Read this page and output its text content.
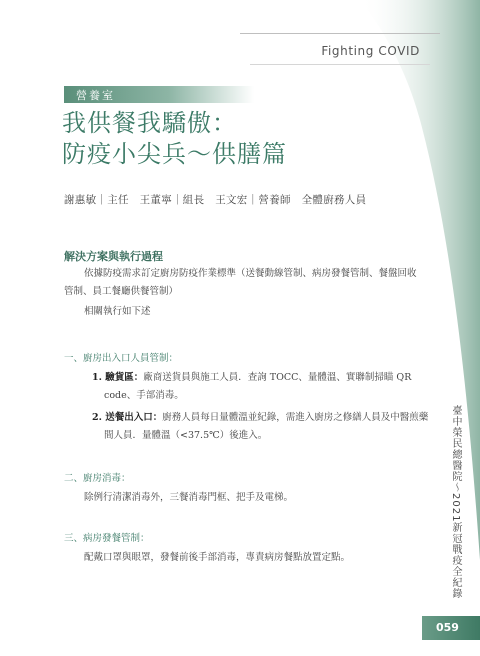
Fighting COVID
營養室
我供餐我驕傲：
防疫小尖兵～供膳篇
謝惠敏｜主任　王董寧｜組長　王文宏｜營養師　全體廚務人員
解決方案與執行過程

依據防疫需求訂定廚房防疫作業標準（送餐動線管制、病房發餐管制、餐盤回收管制、員工餐廳供餐管制）

相關執行如下述

一、廚房出入口人員管制：

1. 驗貨區：廠商送貨員與施工人員．查詢 TOCC、量體溫、實聯制掃瞄 QR code、手部消毒。

2. 送餐出入口：廚務人員每日量體溫並紀錄，需進入廚房之修繕人員及中醫煎藥間人員．量體溫（<37.5℃）後進入。

二、廚房消毒：
除例行清潔消毒外，三餐消毒門框、把手及電梯。
三、病房發餐管制：
配戴口罩與眼罩，發餐前後手部消毒，專責病房餐點放置定點。	臺中榮民總醫院～2021新冠戰疫全紀錄
059
